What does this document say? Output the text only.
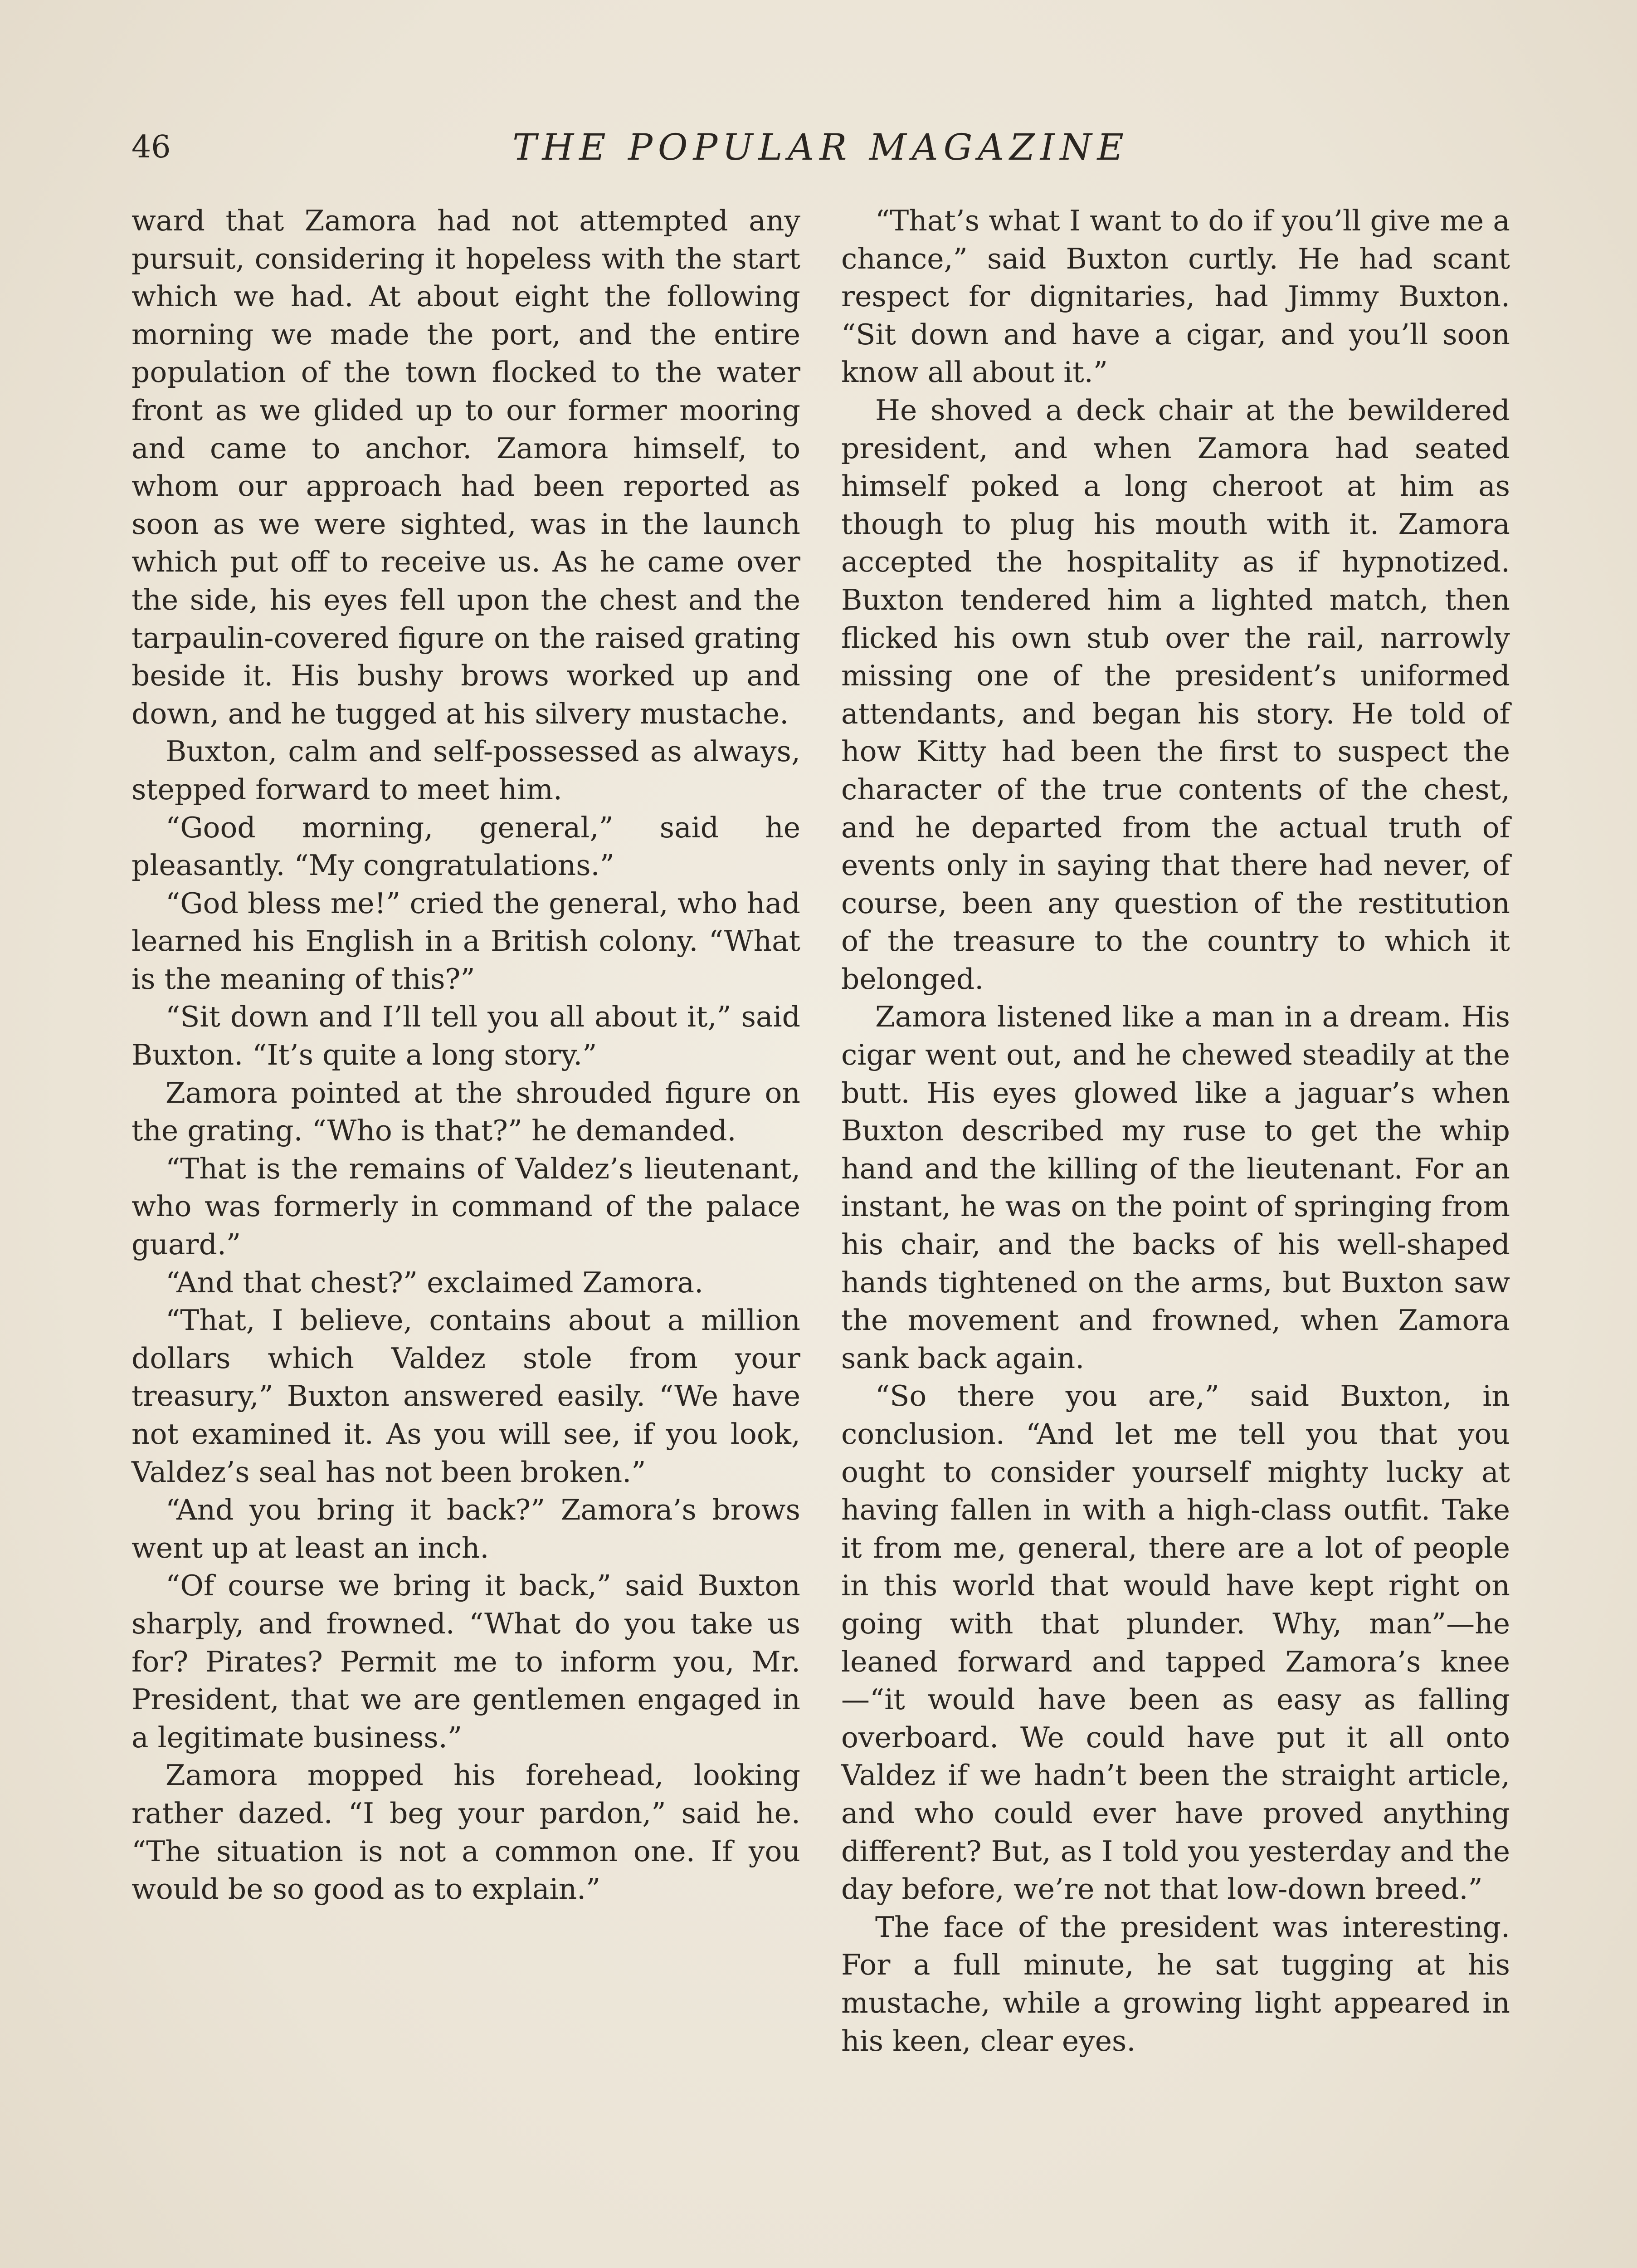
46	THE POPULAR MAGAZINE

ward that Zamora had not attempted any pursuit, considering it hopeless with the start which we had. At about eight the following morning we made the port, and the entire population of the town flocked to the water front as we glided up to our former mooring and came to anchor. Zamora himself, to whom our approach had been reported as soon as we were sighted, was in the launch which put off to receive us. As he came over the side, his eyes fell upon the chest and the tarpaulin-covered figure on the raised grating beside it. His bushy brows worked up and down, and he tugged at his silvery mustache.

Buxton, calm and self-possessed as always, stepped forward to meet him.

“Good morning, general,” said he pleasantly. “My congratulations.”

“God bless me!” cried the general, who had learned his English in a British colony. “What is the meaning of this?”

“Sit down and I’ll tell you all about it,” said Buxton. “It’s quite a long story.”

Zamora pointed at the shrouded figure on the grating. “Who is that?” he demanded.

“That is the remains of Valdez’s lieutenant, who was formerly in command of the palace guard.”

“And that chest?” exclaimed Zamora.

“That, I believe, contains about a million dollars which Valdez stole from your treasury,” Buxton answered easily. “We have not examined it. As you will see, if you look, Valdez’s seal has not been broken.”

“And you bring it back?” Zamora’s brows went up at least an inch.

“Of course we bring it back,” said Buxton sharply, and frowned. “What do you take us for? Pirates? Permit me to inform you, Mr. President, that we are gentlemen engaged in a legitimate business.”

Zamora mopped his forehead, looking rather dazed. “I beg your pardon,” said he. “The situation is not a common one. If you would be so good as to explain.”

“That’s what I want to do if you’ll give me a chance,” said Buxton curtly. He had scant respect for dignitaries, had Jimmy Buxton. “Sit down and have a cigar, and you’ll soon know all about it.”

He shoved a deck chair at the bewildered president, and when Zamora had seated himself poked a long cheroot at him as though to plug his mouth with it. Zamora accepted the hospitality as if hypnotized. Buxton tendered him a lighted match, then flicked his own stub over the rail, narrowly missing one of the president’s uniformed attendants, and began his story. He told of how Kitty had been the first to suspect the character of the true contents of the chest, and he departed from the actual truth of events only in saying that there had never, of course, been any question of the restitution of the treasure to the country to which it belonged.

Zamora listened like a man in a dream. His cigar went out, and he chewed steadily at the butt. His eyes glowed like a jaguar’s when Buxton described my ruse to get the whip hand and the killing of the lieutenant. For an instant, he was on the point of springing from his chair, and the backs of his well-shaped hands tightened on the arms, but Buxton saw the movement and frowned, when Zamora sank back again.

“So there you are,” said Buxton, in conclusion. “And let me tell you that you ought to consider yourself mighty lucky at having fallen in with a high-class outfit. Take it from me, general, there are a lot of people in this world that would have kept right on going with that plunder. Why, man”—he leaned forward and tapped Zamora’s knee—“it would have been as easy as falling overboard. We could have put it all onto Valdez if we hadn’t been the straight article, and who could ever have proved anything different? But, as I told you yesterday and the day before, we’re not that low-down breed.”

The face of the president was interesting. For a full minute, he sat tugging at his mustache, while a growing light appeared in his keen, clear eyes.
